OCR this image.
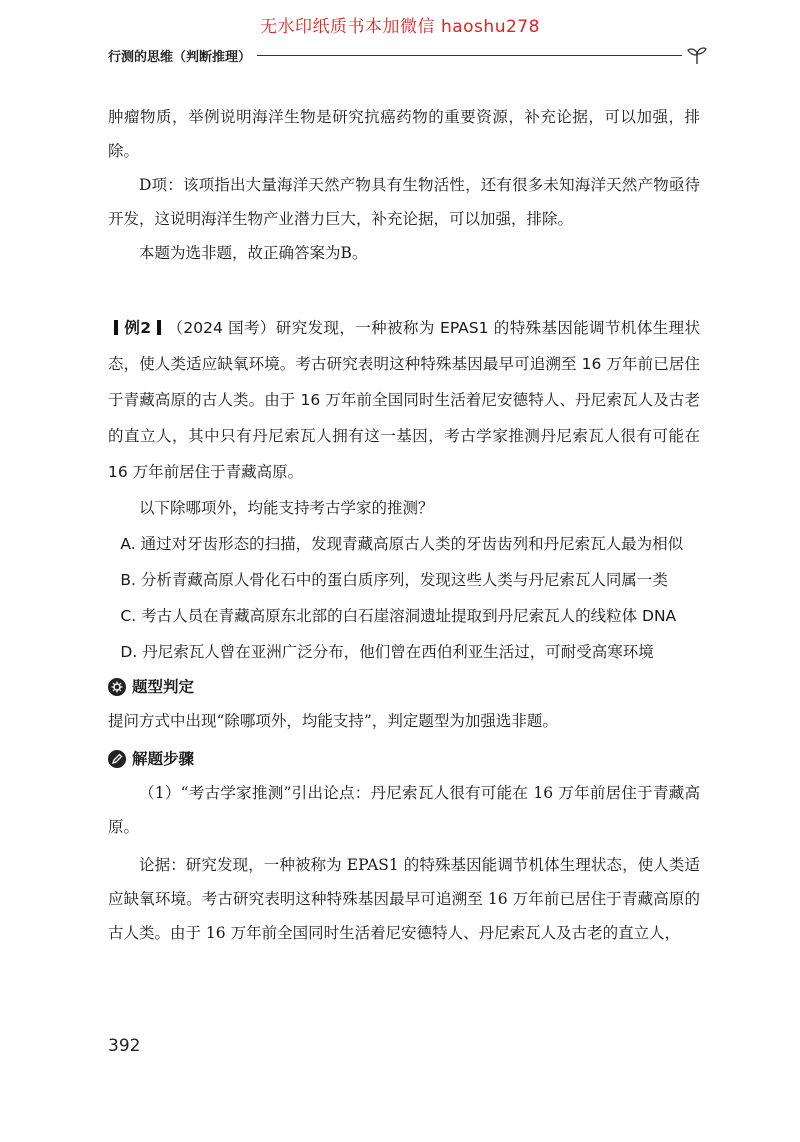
无水印纸质书本加微信 haoshu278
行测的思维（判断推理）

肿瘤物质，举例说明海洋生物是研究抗癌药物的重要资源，补充论据，可以加强，排除。

D项：该项指出大量海洋天然产物具有生物活性，还有很多未知海洋天然产物亟待开发，这说明海洋生物产业潜力巨大，补充论据，可以加强，排除。

本题为选非题，故正确答案为B。

例2 （2024 国考）研究发现，一种被称为 EPAS1 的特殊基因能调节机体生理状态，使人类适应缺氧环境。考古研究表明这种特殊基因最早可追溯至 16 万年前已居住于青藏高原的古人类。由于 16 万年前全国同时生活着尼安德特人、丹尼索瓦人及古老的直立人，其中只有丹尼索瓦人拥有这一基因，考古学家推测丹尼索瓦人很有可能在 16 万年前居住于青藏高原。

以下除哪项外，均能支持考古学家的推测？

A. 通过对牙齿形态的扫描，发现青藏高原古人类的牙齿齿列和丹尼索瓦人最为相似

B. 分析青藏高原人骨化石中的蛋白质序列，发现这些人类与丹尼索瓦人同属一类

C. 考古人员在青藏高原东北部的白石崖溶洞遗址提取到丹尼索瓦人的线粒体 DNA

D. 丹尼索瓦人曾在亚洲广泛分布，他们曾在西伯利亚生活过，可耐受高寒环境

题型判定

提问方式中出现“除哪项外，均能支持”，判定题型为加强选非题。

解题步骤

（1）“考古学家推测”引出论点：丹尼索瓦人很有可能在 16 万年前居住于青藏高原。

论据：研究发现，一种被称为 EPAS1 的特殊基因能调节机体生理状态，使人类适应缺氧环境。考古研究表明这种特殊基因最早可追溯至 16 万年前已居住于青藏高原的古人类。由于 16 万年前全国同时生活着尼安德特人、丹尼索瓦人及古老的直立人，

392
